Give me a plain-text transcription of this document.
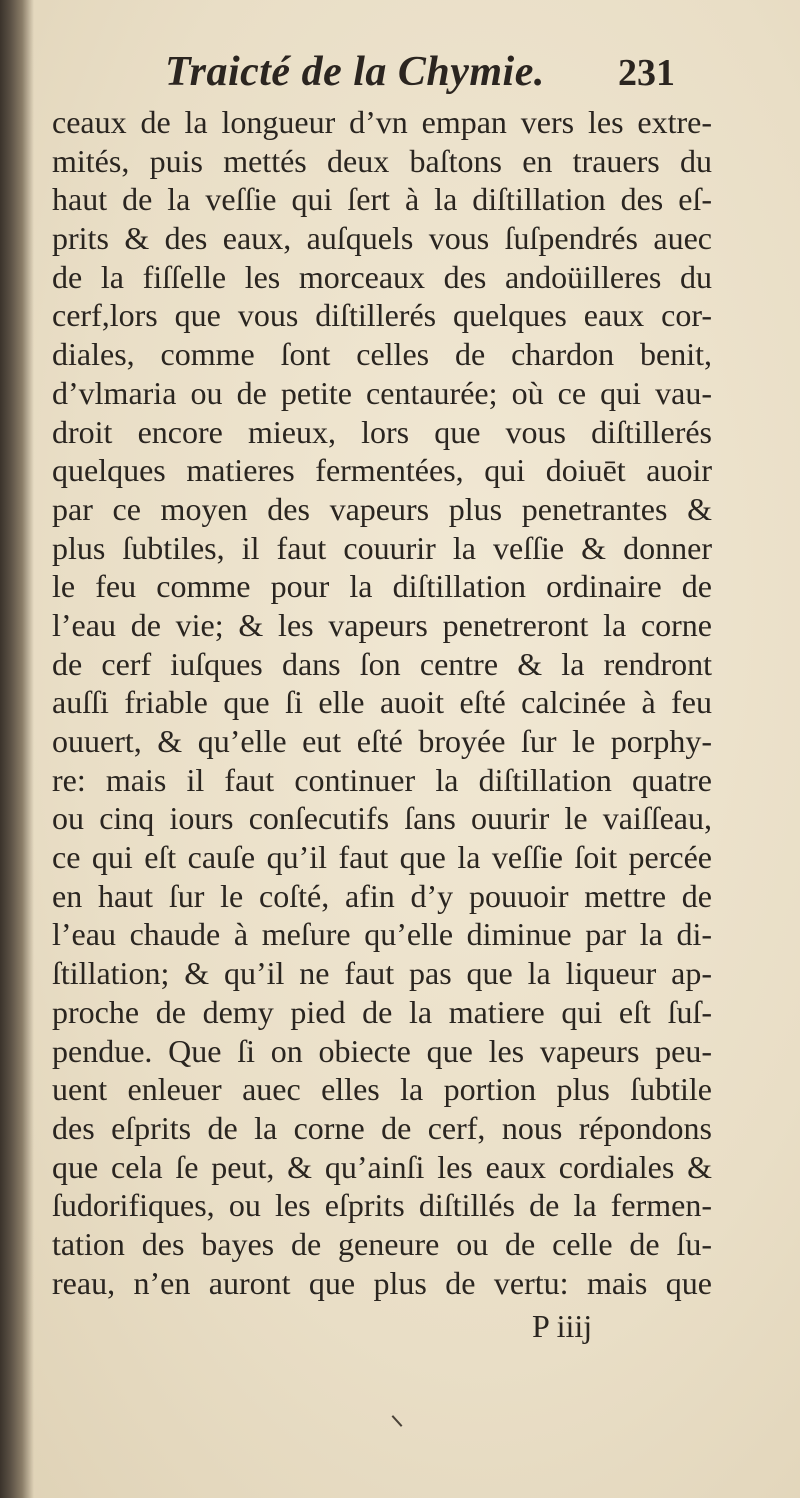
Traicté de la Chymie. 231
ceaux de la longueur d’vn empan vers les extre-
mités, puis mettés deux baſtons en trauers du
haut de la veſſie qui ſert à la diſtillation des eſ-
prits & des eaux, auſquels vous ſuſpendrés auec
de la fiſſelle les morceaux des andoüilleres du
cerf,lors que vous diſtillerés quelques eaux cor-
diales, comme ſont celles de chardon benit,
d’vlmaria ou de petite centaurée; où ce qui vau-
droit encore mieux, lors que vous diſtillerés
quelques matieres fermentées, qui doiuēt auoir
par ce moyen des vapeurs plus penetrantes &
plus ſubtiles, il faut couurir la veſſie & donner
le feu comme pour la diſtillation ordinaire de
l’eau de vie; & les vapeurs penetreront la corne
de cerf iuſques dans ſon centre & la rendront
auſſi friable que ſi elle auoit eſté calcinée à feu
ouuert, & qu’elle eut eſté broyée ſur le porphy-
re: mais il faut continuer la diſtillation quatre
ou cinq iours conſecutifs ſans ouurir le vaiſſeau,
ce qui eſt cauſe qu’il faut que la veſſie ſoit percée
en haut ſur le coſté, afin d’y pouuoir mettre de
l’eau chaude à meſure qu’elle diminue par la di-
ſtillation; & qu’il ne faut pas que la liqueur ap-
proche de demy pied de la matiere qui eſt ſuſ-
pendue. Que ſi on obiecte que les vapeurs peu-
uent enleuer auec elles la portion plus ſubtile
des eſprits de la corne de cerf, nous répondons
que cela ſe peut, & qu’ainſi les eaux cordiales &
ſudorifiques, ou les eſprits diſtillés de la fermen-
tation des bayes de geneure ou de celle de ſu-
reau, n’en auront que plus de vertu: mais que
P iiij
